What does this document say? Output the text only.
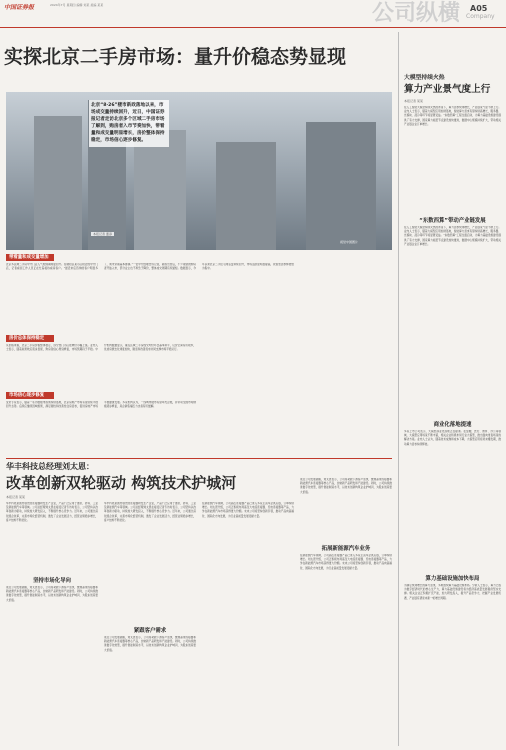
中国证券报	2024年7月 星期四 编辑 刘某 美编 某某	公司纵横 A05
Company
实探北京二手房市场：量升价稳态势显现
北京“8·26”楼市新政落地以来，市场成交量持续回升，近日，中国证券报记者走访北京多个区域二手房市场了解到，购房者入市节奏加快，带看量和成交量明显增长，房价整体保持稳定，市场信心逐步修复。
本报记者 董添
视觉中国图片
带看量和成交量增加
北京多区域二手房中介门店人气较前期明显回升。在朝阳区某小区附近的中介门店，记者看到工作人员正在忙着接待看房客户。“最近来店咨询的客户明显多了，周末带看基本排满。”一位中介经理告诉记者，新政出台后，不少观望的购房者开始入市，部分业主也不再急于降价，整体成交周期有所缩短。数据显示，今年以来北京二手住宅网签量持续回升，市场活跃度明显提高，改善型需求释放较为集中。
房价总体保持稳定
从价格来看，北京二手房价格整体稳定，部分热门小区挂牌价小幅上涨。业内人士表示，随着政策效应逐步显现，购房者信心得到修复，市场预期趋于平稳。中介机构数据显示，重点区域二手房成交均价环比基本持平，议价空间有所收窄，优质房源去化速度加快，刚需和改善需求共同支撑市场平稳运行。
市场信心逐步修复
受访专家表示，随着一系列稳楼市政策持续落地，北京房地产市场有望延续平稳回升态势。后续应继续因城施策，满足刚性和改善性住房需求，促进房地产市场平稳健康发展。多家机构认为，一线城市楼市有望率先企稳，并带动全国市场情绪逐步修复，房企销售端压力也将有所缓解。
华丰科技总经理刘太恩：
改革创新双轮驱动 构筑技术护城河
本报记者 某某
华丰科技是国内领先的连接器研发生产企业，产品广泛应用于通讯、防务、工业及新能源汽车等领域。公司总经理刘太恩在接受记者专访时表示，公司坚持以改革创新为驱动，持续加大研发投入，不断提升核心竞争力。近年来，公司通过深化国企改革，完善市场化经营机制，激发了企业发展活力，经营业绩稳步增长，客户结构不断优化。
坚持市场化导向
谈及公司发展战略，刘太恩表示，公司将紧跟下游客户需求，聚焦高速连接器和新能源汽车连接器等核心产品，加快新产品研发和产能建设。同时，公司持续推进数字化转型，提升智能制造水平，以技术创新构筑企业护城河，为股东创造更大价值。
华丰科技是国内领先的连接器研发生产企业，产品广泛应用于通讯、防务、工业及新能源汽车等领域。公司总经理刘太恩在接受记者专访时表示，公司坚持以改革创新为驱动，持续加大研发投入，不断提升核心竞争力。近年来，公司通过深化国企改革，完善市场化经营机制，激发了企业发展活力，经营业绩稳步增长，客户结构不断优化。
紧跟客户需求
谈及公司发展战略，刘太恩表示，公司将紧跟下游客户需求，聚焦高速连接器和新能源汽车连接器等核心产品，加快新产品研发和产能建设。同时，公司持续推进数字化转型，提升智能制造水平，以技术创新构筑企业护城河，为股东创造更大价值。
在新能源汽车领域，公司高压连接器产品已进入多家主流车企供应链，订单持续增长。刘太恩介绍，公司正积极布局高压大电流连接器、充电连接器等产品，力争在新能源汽车市场获得更大份额。未来公司将坚持创新引领，推动产品向高端化、国际化方向发展，为行业高质量发展贡献力量。
谈及公司发展战略，刘太恩表示，公司将紧跟下游客户需求，聚焦高速连接器和新能源汽车连接器等核心产品，加快新产品研发和产能建设。同时，公司持续推进数字化转型，提升智能制造水平，以技术创新构筑企业护城河，为股东创造更大价值。
拓展新能源汽车业务
在新能源汽车领域，公司高压连接器产品已进入多家主流车企供应链，订单持续增长。刘太恩介绍，公司正积极布局高压大电流连接器、充电连接器等产品，力争在新能源汽车市场获得更大份额。未来公司将坚持创新引领，推动产品向高端化、国际化方向发展，为行业高质量发展贡献力量。
大模型持续火热
算力产业景气度上行
本报记者 某某
在人工智能大模型持续火热的背景下，算力需求快速增长，产业链景气度不断上行。业内人士表示，随着大模型应用加速落地，智能算力需求有望持续高增长，服务器、光模块、液冷等环节将显著受益。“东数西算”工程全面启动，为算力基础设施建设提供了有力支撑，国家算力枢纽节点建设加快推进，数据中心规模持续扩大，带动相关产业链企业订单增长。
“东数西算”带动产业链发展
在人工智能大模型持续火热的背景下，算力需求快速增长，产业链景气度不断上行。业内人士表示，随着大模型应用加速落地，智能算力需求有望持续高增长，服务器、光模块、液冷等环节将显著受益。“东数西算”工程全面启动，为算力基础设施建设提供了有力支撑，国家算力枢纽节点建设加快推进，数据中心规模持续扩大，带动相关产业链企业订单增长。
商业化落地提速
多家上市公司表示，大模型商业化落地正在提速。在金融、医疗、教育、办公等领域，大模型应用场景不断丰富，相关企业积极布局行业大模型，推出面向垂直场景的解决方案。业内人士认为，随着技术成熟和成本下降，大模型应用将迎来爆发期，推动算力需求持续释放。
算力基础设施加快布局
为满足快速增长的算力需求，多地加快算力基础设施布局。分析人士表示，算力已成为数字经济时代的核心生产力，算力基础设施建设将为经济高质量发展提供坚实支撑。相关企业正积极扩充产能，加大研发投入，提升产品竞争力，把握产业发展机遇，产业链有望迎来新一轮增长周期。
